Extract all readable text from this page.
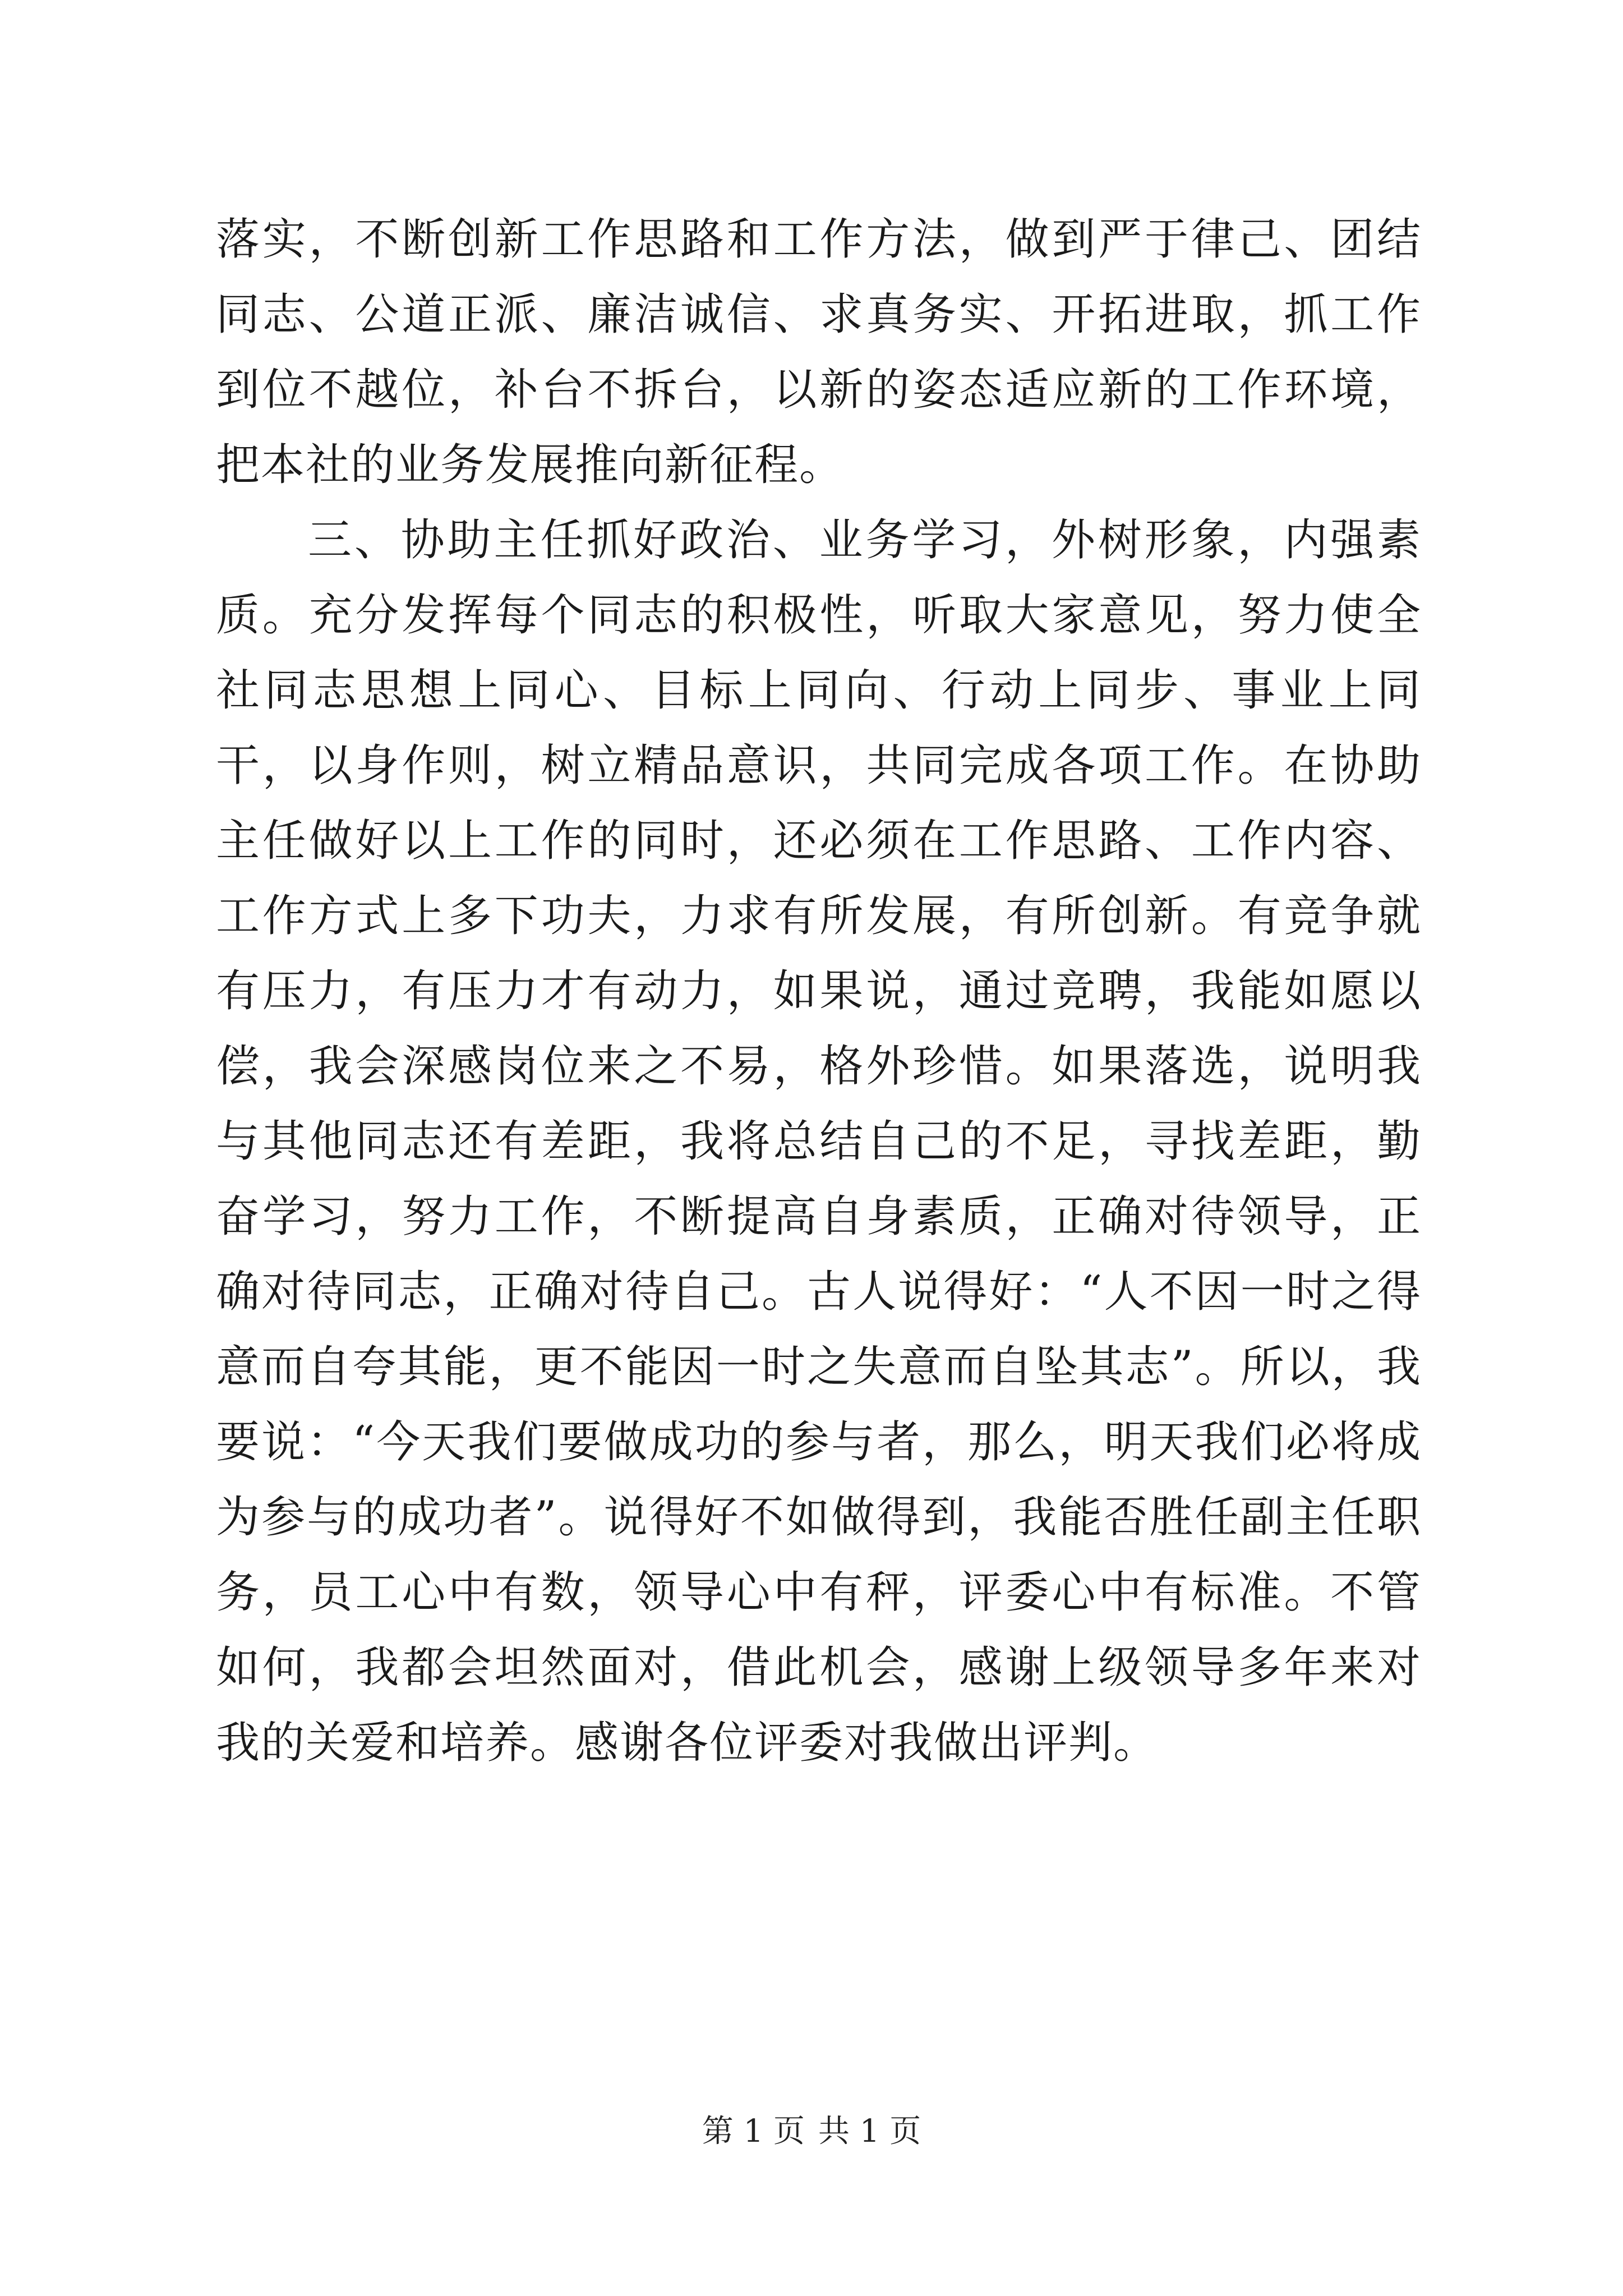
落实，不断创新工作思路和工作方法，做到严于律己、团结同志、公道正派、廉洁诚信、求真务实、开拓进取，抓工作到位不越位，补台不拆台，以新的姿态适应新的工作环境，把本社的业务发展推向新征程。

三、协助主任抓好政治、业务学习，外树形象，内强素质。充分发挥每个同志的积极性，听取大家意见，努力使全社同志思想上同心、目标上同向、行动上同步、事业上同干，以身作则，树立精品意识，共同完成各项工作。在协助主任做好以上工作的同时，还必须在工作思路、工作内容、工作方式上多下功夫，力求有所发展，有所创新。有竞争就有压力，有压力才有动力，如果说，通过竞聘，我能如愿以偿，我会深感岗位来之不易，格外珍惜。如果落选，说明我与其他同志还有差距，我将总结自己的不足，寻找差距，勤奋学习，努力工作，不断提高自身素质，正确对待领导，正确对待同志，正确对待自己。古人说得好：“人不因一时之得意而自夸其能，更不能因一时之失意而自坠其志”。所以，我要说：“今天我们要做成功的参与者，那么，明天我们必将成为参与的成功者”。说得好不如做得到，我能否胜任副主任职务，员工心中有数，领导心中有秤，评委心中有标准。不管如何，我都会坦然面对，借此机会，感谢上级领导多年来对我的关爱和培养。感谢各位评委对我做出评判。

第 1 页 共 1 页
